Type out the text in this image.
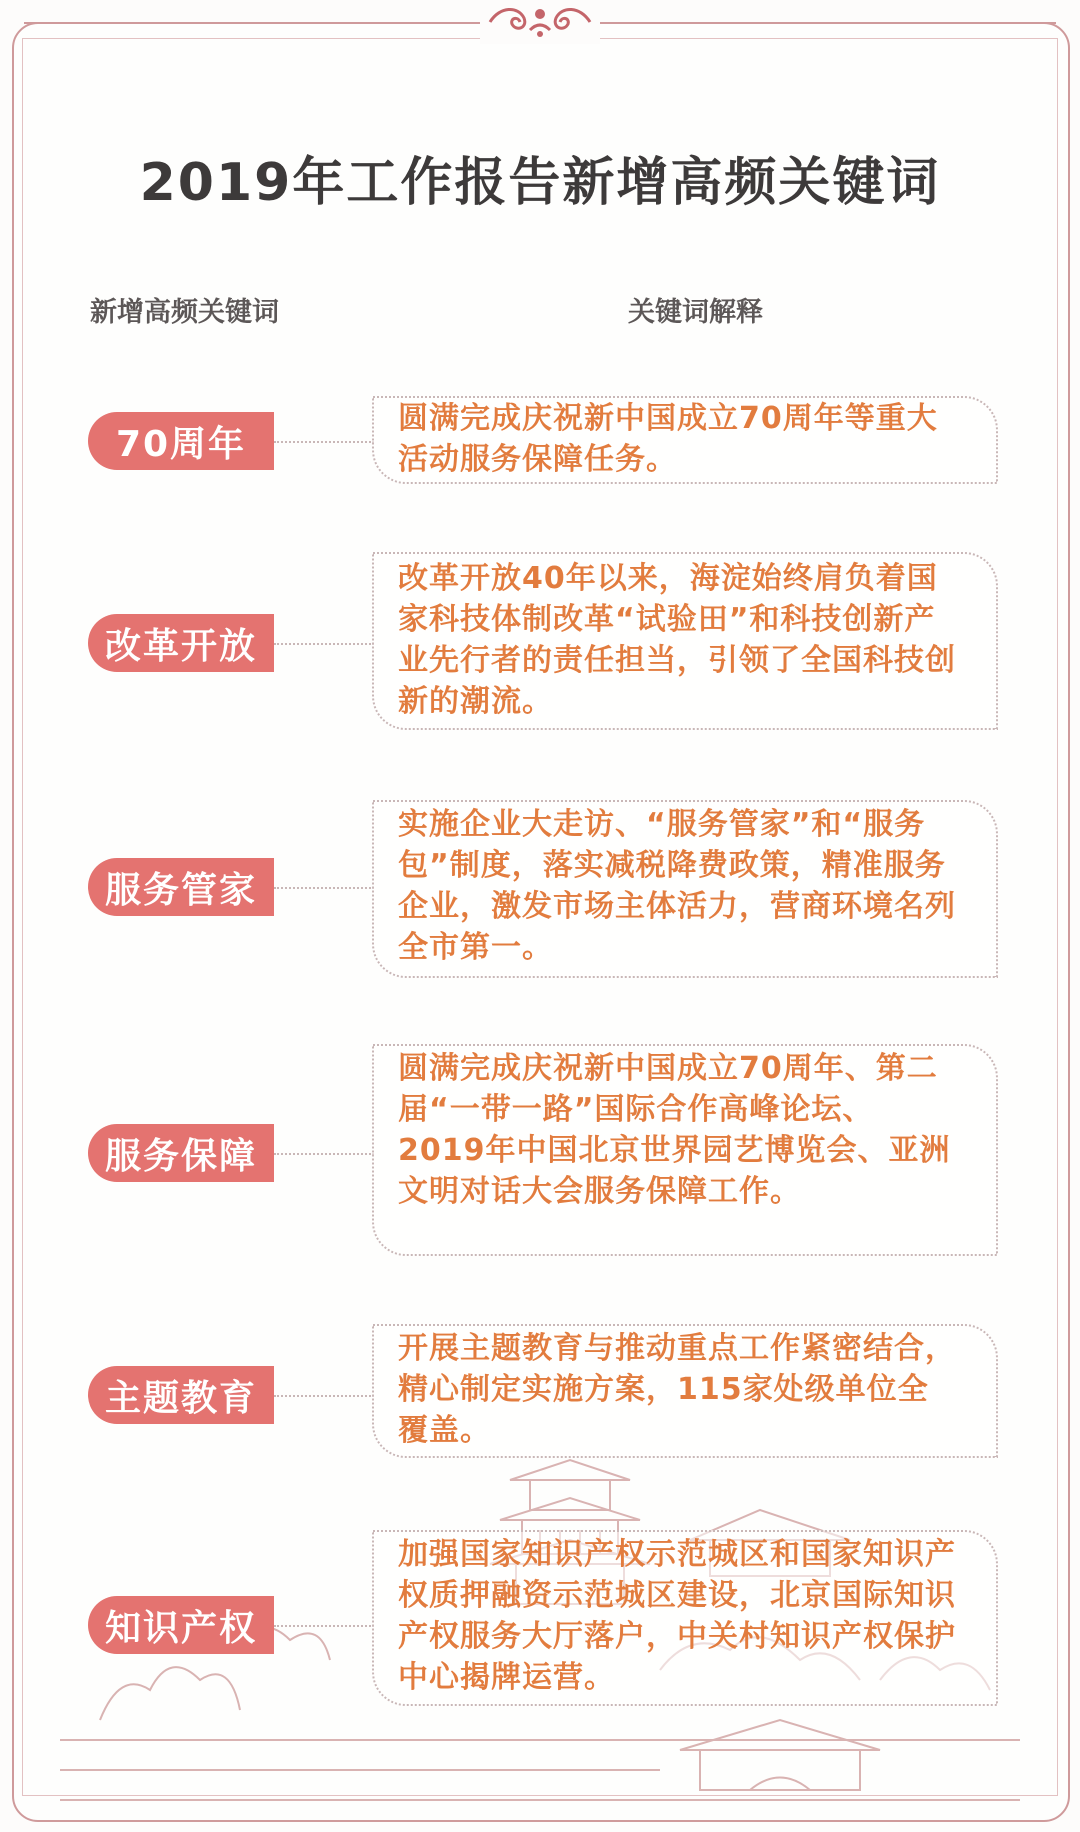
2019年工作报告新增高频关键词
新增高频关键词	关键词解释
70周年
圆满完成庆祝新中国成立70周年等重大活动服务保障任务。
改革开放
改革开放40年以来，海淀始终肩负着国家科技体制改革“试验田”和科技创新产业先行者的责任担当，引领了全国科技创新的潮流。
服务管家
实施企业大走访、“服务管家”和“服务包”制度，落实减税降费政策，精准服务企业，激发市场主体活力，营商环境名列全市第一。
服务保障
圆满完成庆祝新中国成立70周年、第二届“一带一路”国际合作高峰论坛、2019年中国北京世界园艺博览会、亚洲文明对话大会服务保障工作。
主题教育
开展主题教育与推动重点工作紧密结合，精心制定实施方案，115家处级单位全覆盖。
知识产权
加强国家知识产权示范城区和国家知识产权质押融资示范城区建设，北京国际知识产权服务大厅落户，中关村知识产权保护中心揭牌运营。
